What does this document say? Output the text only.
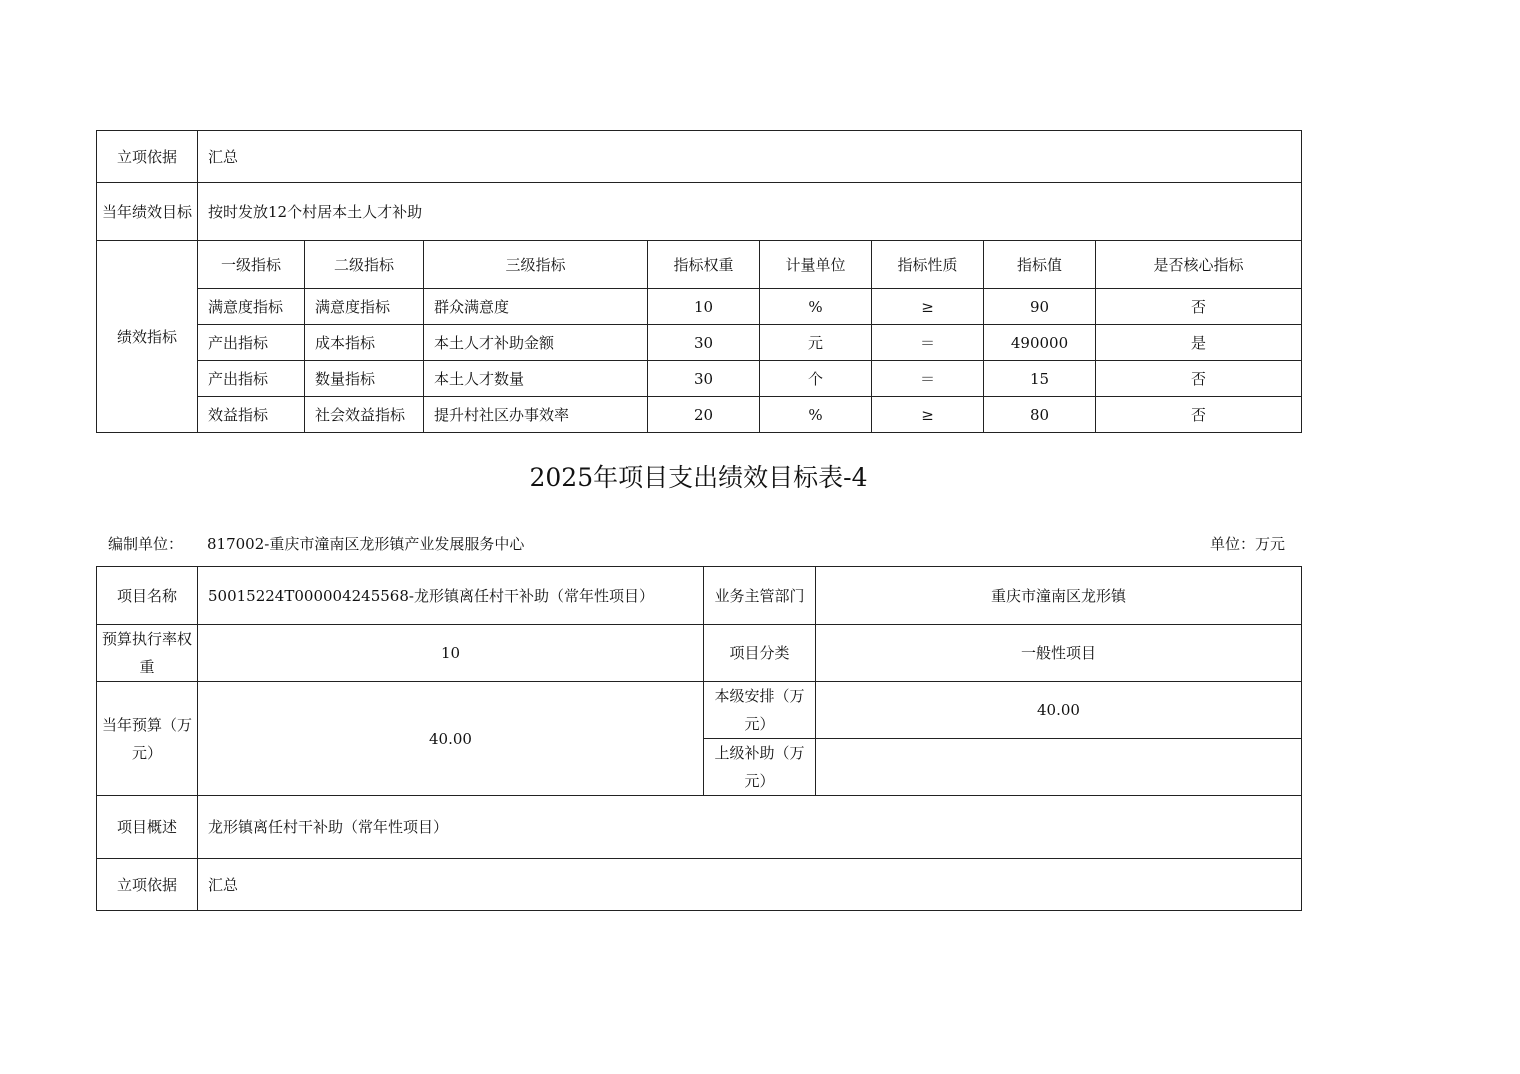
立项依据	汇总							
当年绩效目标	按时发放12个村居本土人才补助							
绩效指标	一级指标	二级指标	三级指标	指标权重	计量单位	指标性质	指标值	是否核心指标
	满意度指标	满意度指标	群众满意度	10	%	≥	90	否
	产出指标	成本指标	本土人才补助金额	30	元	＝	490000	是
	产出指标	数量指标	本土人才数量	30	个	＝	15	否
	效益指标	社会效益指标	提升村社区办事效率	20	%	≥	80	否
2025年项目支出绩效目标表-4
编制单位： 817002-重庆市潼南区龙形镇产业发展服务中心	单位：万元
项目名称	50015224T000004245568-龙形镇离任村干补助（常年性项目）	业务主管部门	重庆市潼南区龙形镇
预算执行率权重	10	项目分类	一般性项目
当年预算（万元）	40.00	本级安排（万元）	40.00
		上级补助（万元）	
项目概述	龙形镇离任村干补助（常年性项目）		
立项依据	汇总		
